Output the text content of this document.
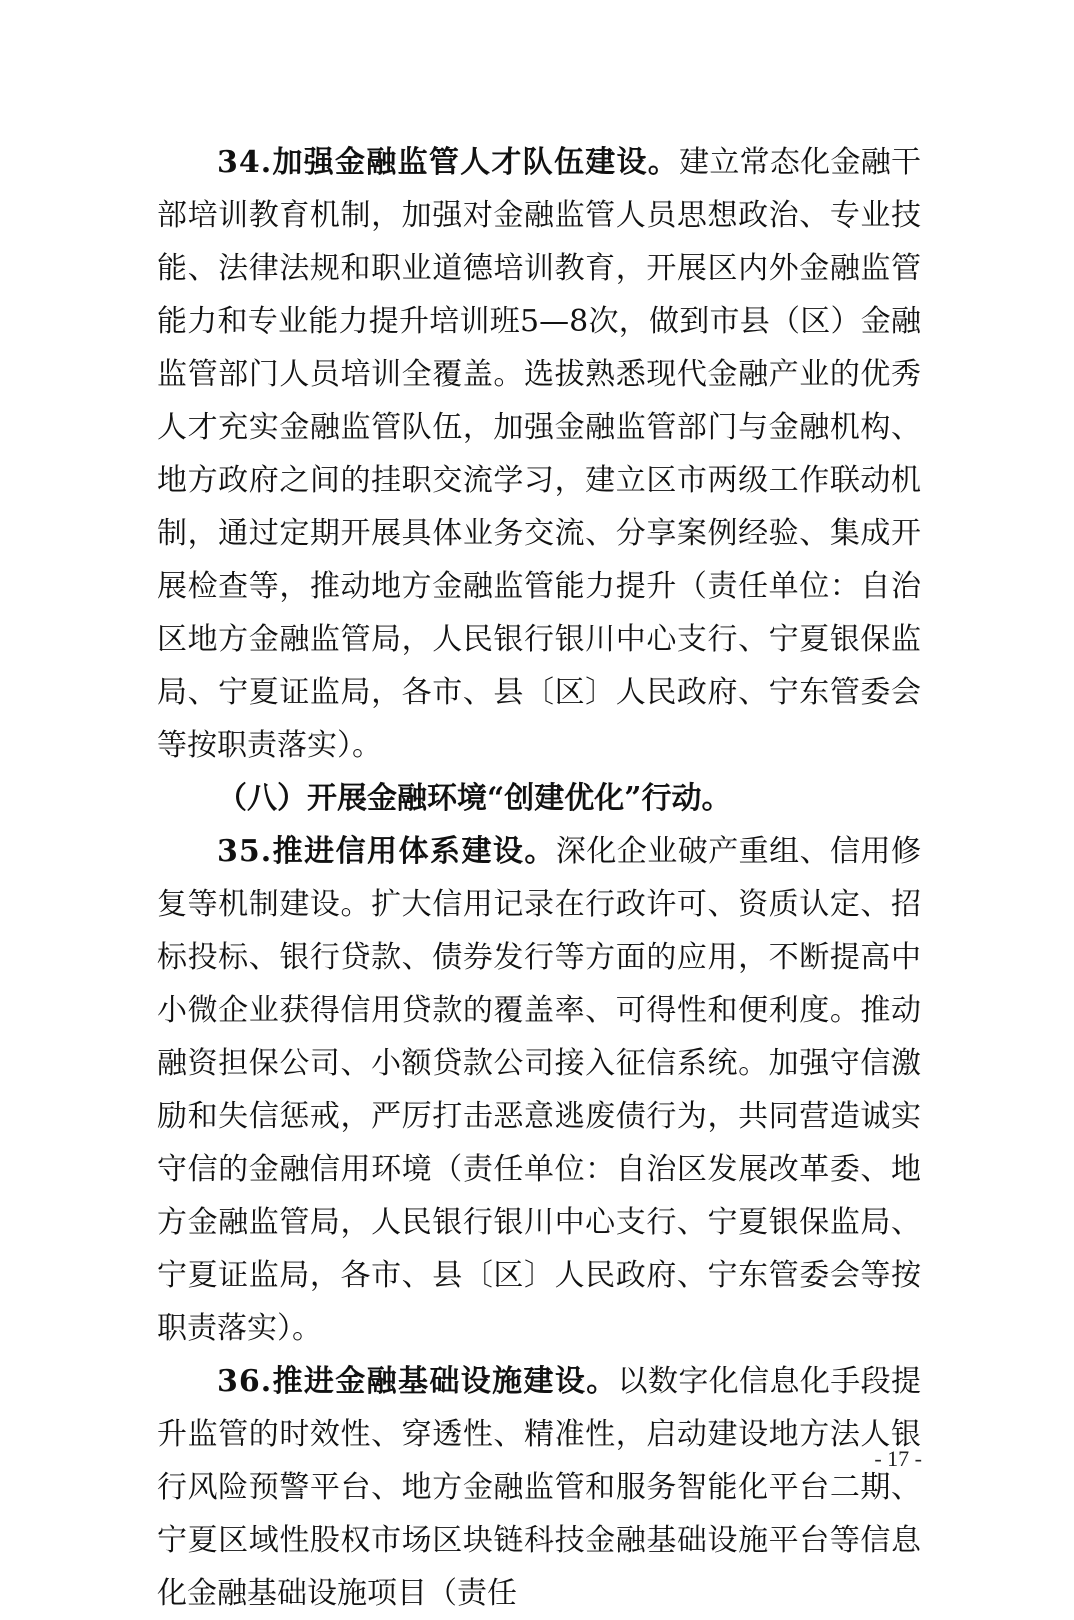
34.加强金融监管人才队伍建设。建立常态化金融干部培训教育机制，加强对金融监管人员思想政治、专业技能、法律法规和职业道德培训教育，开展区内外金融监管能力和专业能力提升培训班5—8次，做到市县（区）金融监管部门人员培训全覆盖。选拔熟悉现代金融产业的优秀人才充实金融监管队伍，加强金融监管部门与金融机构、地方政府之间的挂职交流学习，建立区市两级工作联动机制，通过定期开展具体业务交流、分享案例经验、集成开展检查等，推动地方金融监管能力提升（责任单位：自治区地方金融监管局，人民银行银川中心支行、宁夏银保监局、宁夏证监局，各市、县〔区〕人民政府、宁东管委会等按职责落实）。

（八）开展金融环境“创建优化”行动。

35.推进信用体系建设。深化企业破产重组、信用修复等机制建设。扩大信用记录在行政许可、资质认定、招标投标、银行贷款、债券发行等方面的应用，不断提高中小微企业获得信用贷款的覆盖率、可得性和便利度。推动融资担保公司、小额贷款公司接入征信系统。加强守信激励和失信惩戒，严厉打击恶意逃废债行为，共同营造诚实守信的金融信用环境（责任单位：自治区发展改革委、地方金融监管局，人民银行银川中心支行、宁夏银保监局、宁夏证监局，各市、县〔区〕人民政府、宁东管委会等按职责落实）。

36.推进金融基础设施建设。以数字化信息化手段提升监管的时效性、穿透性、精准性，启动建设地方法人银行风险预警平台、地方金融监管和服务智能化平台二期、宁夏区域性股权市场区块链科技金融基础设施平台等信息化金融基础设施项目（责任

- 17 -
